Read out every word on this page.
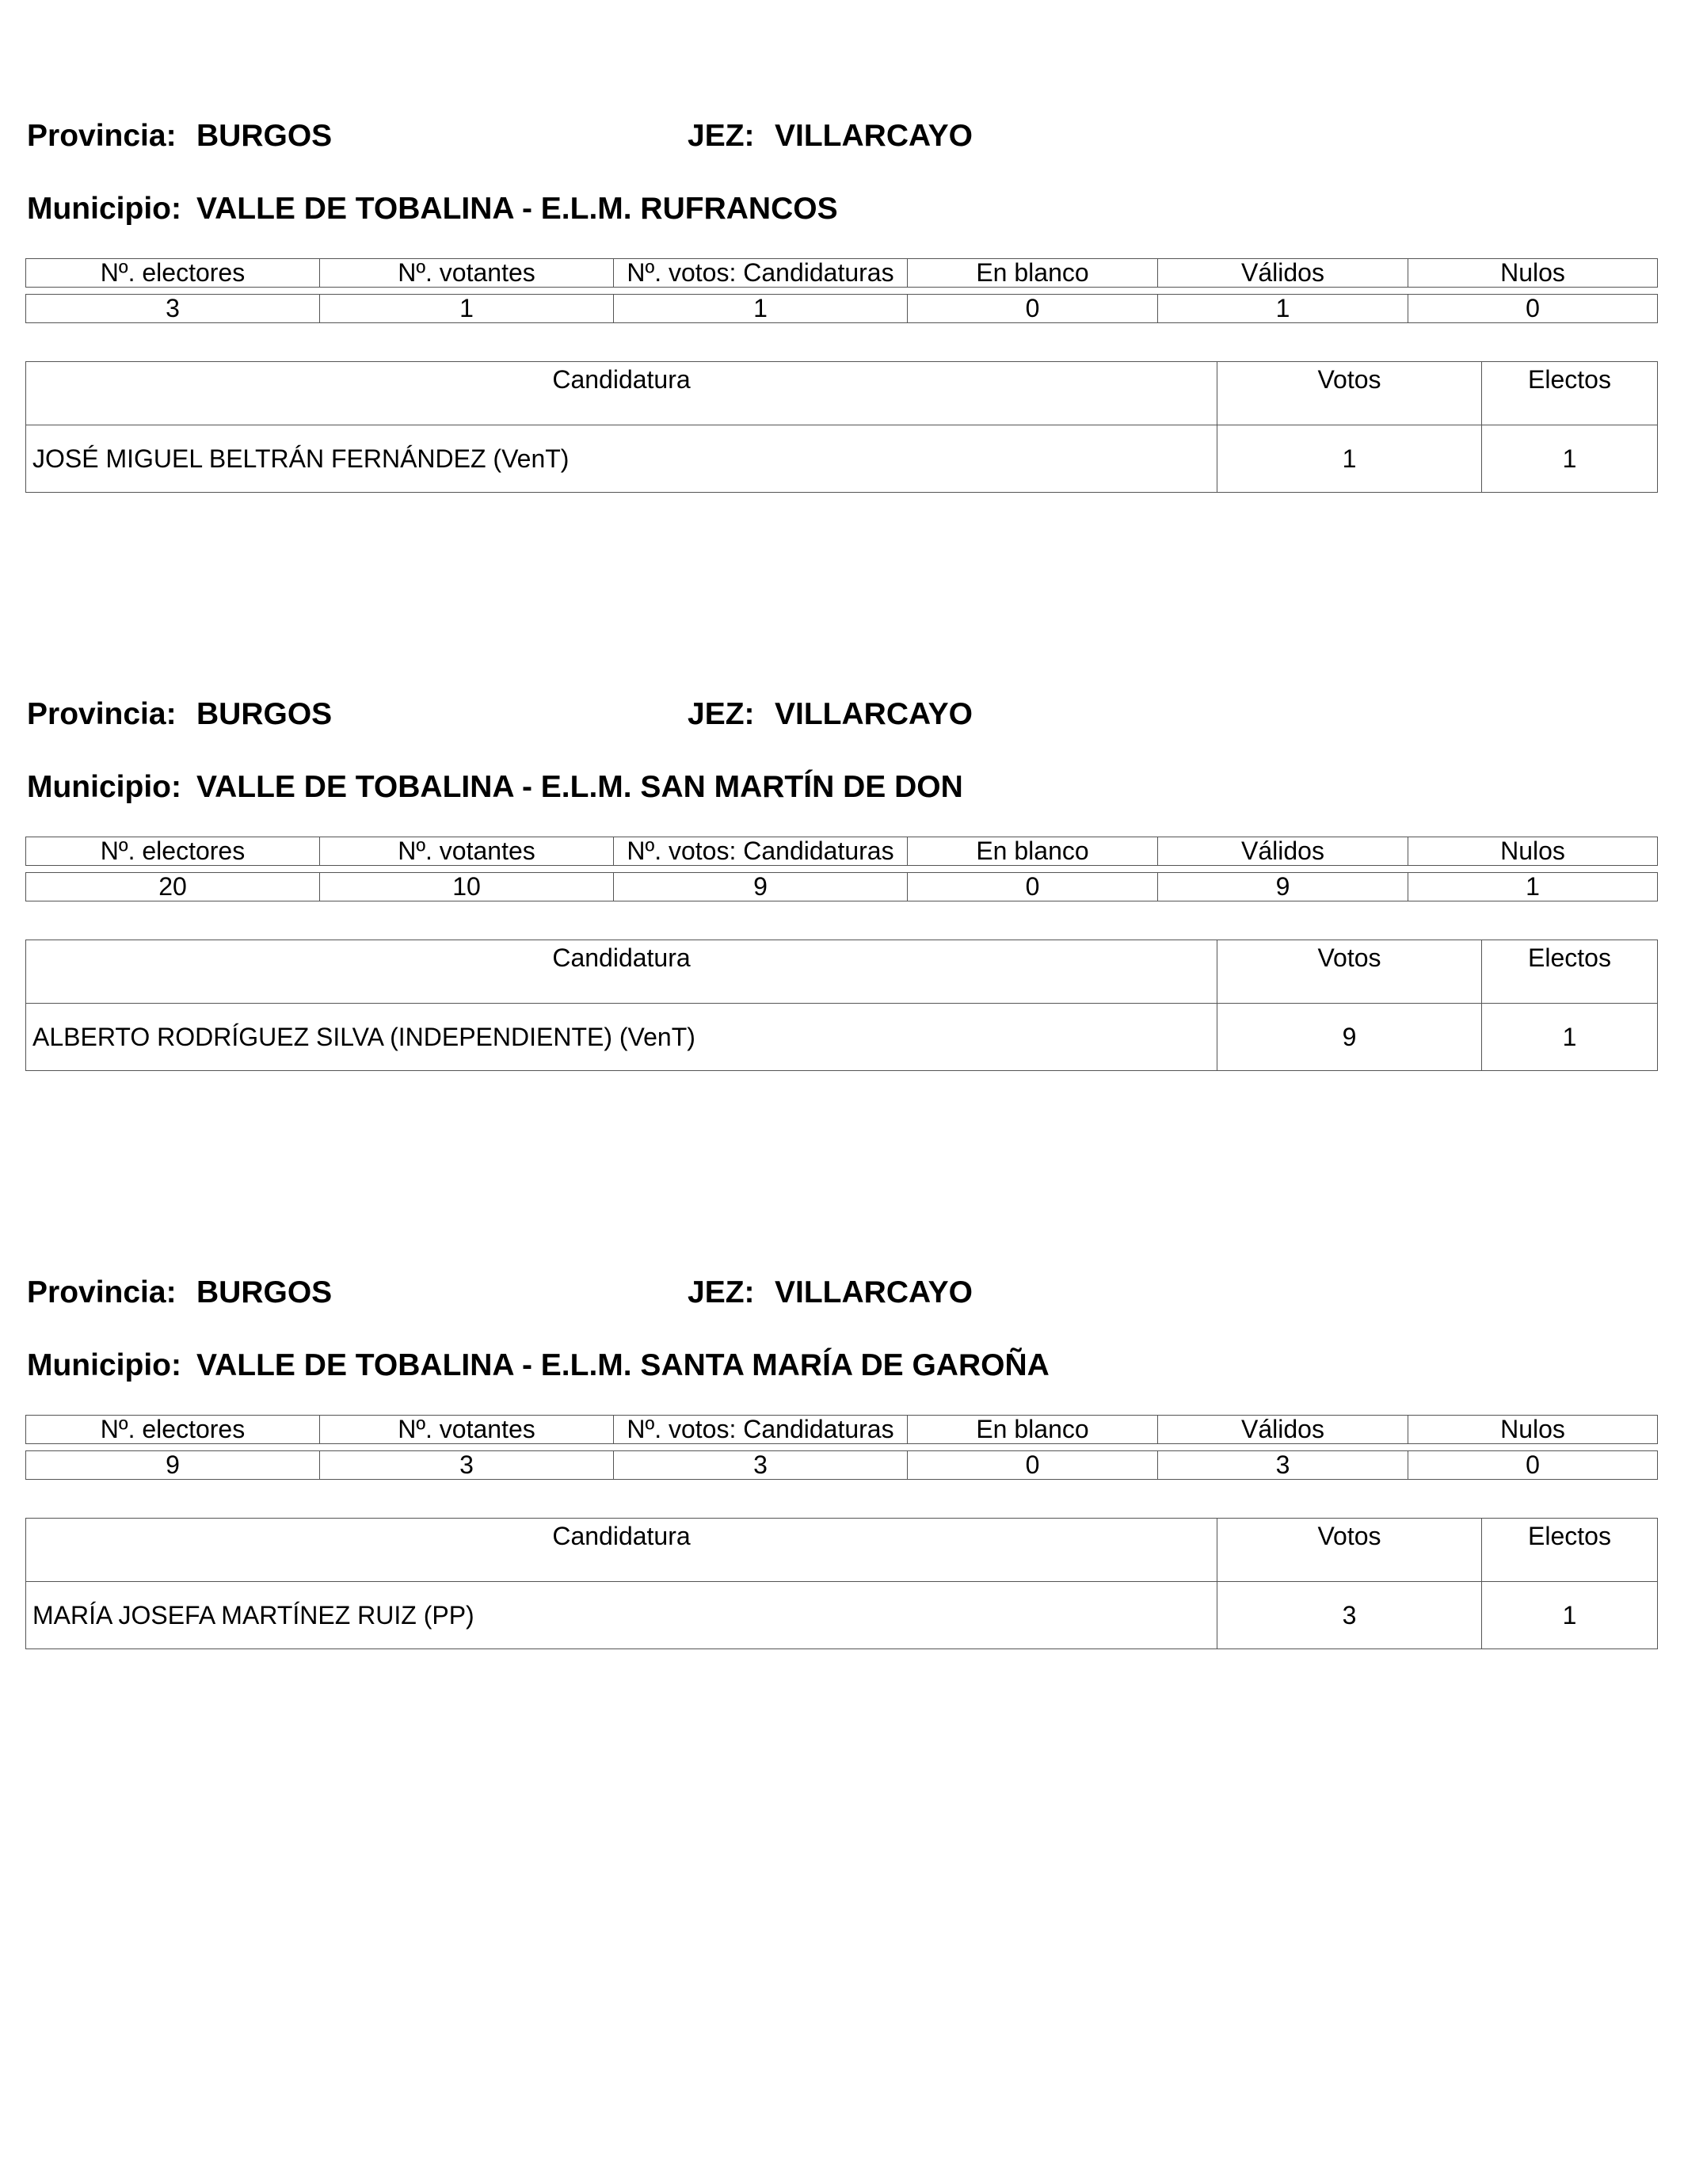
Provincia: BURGOS	JEZ: VILLARCAYO
Municipio: VALLE DE TOBALINA - E.L.M. RUFRANCOS
Nº. electores	Nº. votantes	Nº. votos: Candidaturas	En blanco	Válidos	Nulos

3	1	1	0	1	0
Candidatura	Votos	Electos
JOSÉ MIGUEL BELTRÁN FERNÁNDEZ (VenT)	1	1
Provincia: BURGOS	JEZ: VILLARCAYO
Municipio: VALLE DE TOBALINA - E.L.M. SAN MARTÍN DE DON
Nº. electores	Nº. votantes	Nº. votos: Candidaturas	En blanco	Válidos	Nulos

20	10	9	0	9	1
Candidatura	Votos	Electos
ALBERTO RODRÍGUEZ SILVA (INDEPENDIENTE) (VenT)	9	1
Provincia: BURGOS	JEZ: VILLARCAYO
Municipio: VALLE DE TOBALINA - E.L.M. SANTA MARÍA DE GAROÑA
Nº. electores	Nº. votantes	Nº. votos: Candidaturas	En blanco	Válidos	Nulos

9	3	3	0	3	0
Candidatura	Votos	Electos
MARÍA JOSEFA MARTÍNEZ RUIZ (PP)	3	1
